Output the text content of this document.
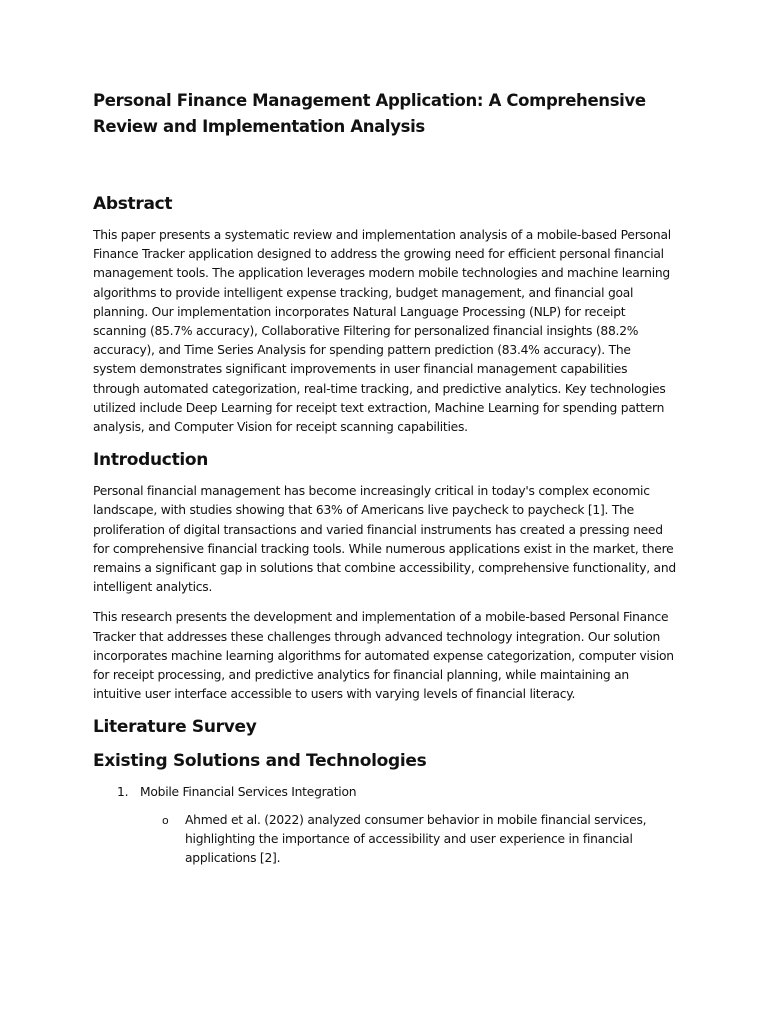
Personal Finance Management Application: A Comprehensive Review and Implementation Analysis
Abstract

This paper presents a systematic review and implementation analysis of a mobile-based Personal Finance Tracker application designed to address the growing need for efficient personal financial management tools. The application leverages modern mobile technologies and machine learning algorithms to provide intelligent expense tracking, budget management, and financial goal planning. Our implementation incorporates Natural Language Processing (NLP) for receipt scanning (85.7% accuracy), Collaborative Filtering for personalized financial insights (88.2% accuracy), and Time Series Analysis for spending pattern prediction (83.4% accuracy). The system demonstrates significant improvements in user financial management capabilities through automated categorization, real-time tracking, and predictive analytics. Key technologies utilized include Deep Learning for receipt text extraction, Machine Learning for spending pattern analysis, and Computer Vision for receipt scanning capabilities.

Introduction

Personal financial management has become increasingly critical in today's complex economic landscape, with studies showing that 63% of Americans live paycheck to paycheck [1]. The proliferation of digital transactions and varied financial instruments has created a pressing need for comprehensive financial tracking tools. While numerous applications exist in the market, there remains a significant gap in solutions that combine accessibility, comprehensive functionality, and intelligent analytics.

This research presents the development and implementation of a mobile-based Personal Finance Tracker that addresses these challenges through advanced technology integration. Our solution incorporates machine learning algorithms for automated expense categorization, computer vision for receipt processing, and predictive analytics for financial planning, while maintaining an intuitive user interface accessible to users with varying levels of financial literacy.

Literature Survey
Existing Solutions and Technologies
1. Mobile Financial Services Integration
o Ahmed et al. (2022) analyzed consumer behavior in mobile financial services, highlighting the importance of accessibility and user experience in financial applications [2].
